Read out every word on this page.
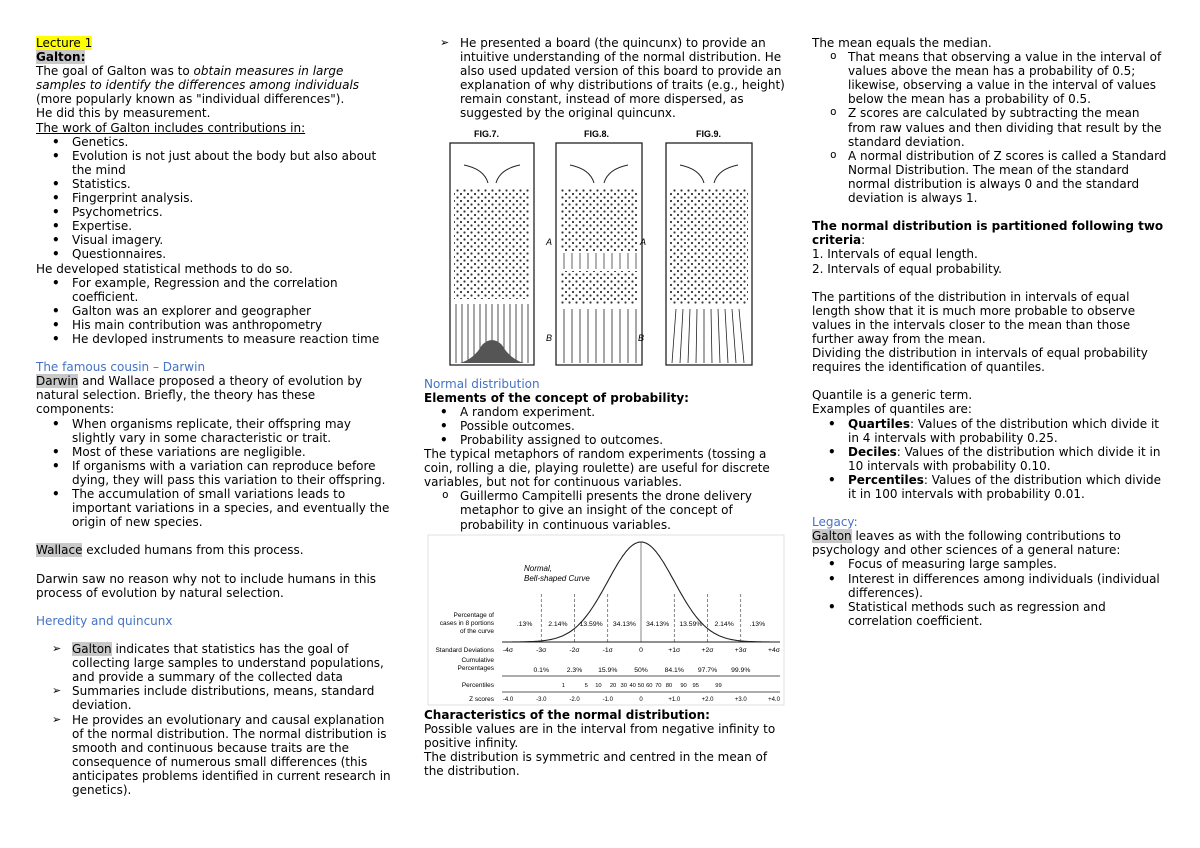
Lecture 1

Galton:

The goal of Galton was to obtain measures in large samples to identify the differences among individuals (more popularly known as "individual differences").

He did this by measurement.

The work of Galton includes contributions in:

• Genetics.
• Evolution is not just about the body but also about the mind
• Statistics.
• Fingerprint analysis.
• Psychometrics.
• Expertise.
• Visual imagery.
• Questionnaires.

He developed statistical methods to do so.

• For example, Regression and the correlation coefficient.
• Galton was an explorer and geographer
• His main contribution was anthropometry
• He devloped instruments to measure reaction time

The famous cousin – Darwin

Darwin and Wallace proposed a theory of evolution by natural selection. Briefly, the theory has these components:

• When organisms replicate, their offspring may slightly vary in some characteristic or trait.
• Most of these variations are negligible.
• If organisms with a variation can reproduce before dying, they will pass this variation to their offspring.
• The accumulation of small variations leads to important variations in a species, and eventually the origin of new species.

Wallace excluded humans from this process.

Darwin saw no reason why not to include humans in this process of evolution by natural selection.

Heredity and quincunx

➢ Galton indicates that statistics has the goal of collecting large samples to understand populations, and provide a summary of the collected data
➢ Summaries include distributions, means, standard deviation.
➢ He provides an evolutionary and causal explanation of the normal distribution. The normal distribution is smooth and continuous because traits are the consequence of numerous small differences (this anticipates problems identified in current research in genetics).
➢ He presented a board (the quincunx) to provide an intuitive understanding of the normal distribution. He also used updated version of this board to provide an explanation of why distributions of traits (e.g., height) remain constant, instead of more dispersed, as suggested by the original quincunx.
FIG.7.
A
B
FIG.8.
A
B
FIG.9.

Normal distribution

Elements of the concept of probability:

• A random experiment.
• Possible outcomes.
• Probability assigned to outcomes.

The typical metaphors of random experiments (tossing a coin, rolling a die, playing roulette) are useful for discrete variables, but not for continuous variables.

o Guillermo Campitelli presents the drone delivery metaphor to give an insight of the concept of probability in continuous variables.
Normal,
Bell-shaped Curve
Percentage of
cases in 8 portions
of the curve
.13% 2.14% 13.59% 34.13% 34.13% 13.59% 2.14% .13%
Standard Deviations -4σ	-3σ	-2σ	-1σ	0	+1σ	+2σ	+3σ	+4σ
Cumulative
Percentages	0.1%	2.3% 15.9% 50% 84.1% 97.7% 99.9%
Percentiles	1	5 10 20 30 40 50 60 70 80 90 95	99
Z scores -4.0	-3.0	-2.0	-1.0	0	+1.0	+2.0	+3.0	+4.0

Characteristics of the normal distribution:

Possible values are in the interval from negative infinity to positive infinity.

The distribution is symmetric and centred in the mean of the distribution.

The mean equals the median.

o That means that observing a value in the interval of values above the mean has a probability of 0.5; likewise, observing a value in the interval of values below the mean has a probability of 0.5.
o Z scores are calculated by subtracting the mean from raw values and then dividing that result by the standard deviation.
o A normal distribution of Z scores is called a Standard Normal Distribution. The mean of the standard normal distribution is always 0 and the standard deviation is always 1.

The normal distribution is partitioned following two criteria:

1. Intervals of equal length.

2. Intervals of equal probability.

The partitions of the distribution in intervals of equal length show that it is much more probable to observe values in the intervals closer to the mean than those further away from the mean.

Dividing the distribution in intervals of equal probability requires the identification of quantiles.

Quantile is a generic term.

Examples of quantiles are:

• Quartiles: Values of the distribution which divide it in 4 intervals with probability 0.25.
• Deciles: Values of the distribution which divide it in 10 intervals with probability 0.10.
• Percentiles: Values of the distribution which divide it in 100 intervals with probability 0.01.

Legacy:

Galton leaves as with the following contributions to psychology and other sciences of a general nature:

• Focus of measuring large samples.
• Interest in differences among individuals (individual differences).
• Statistical methods such as regression and correlation coefficient.
